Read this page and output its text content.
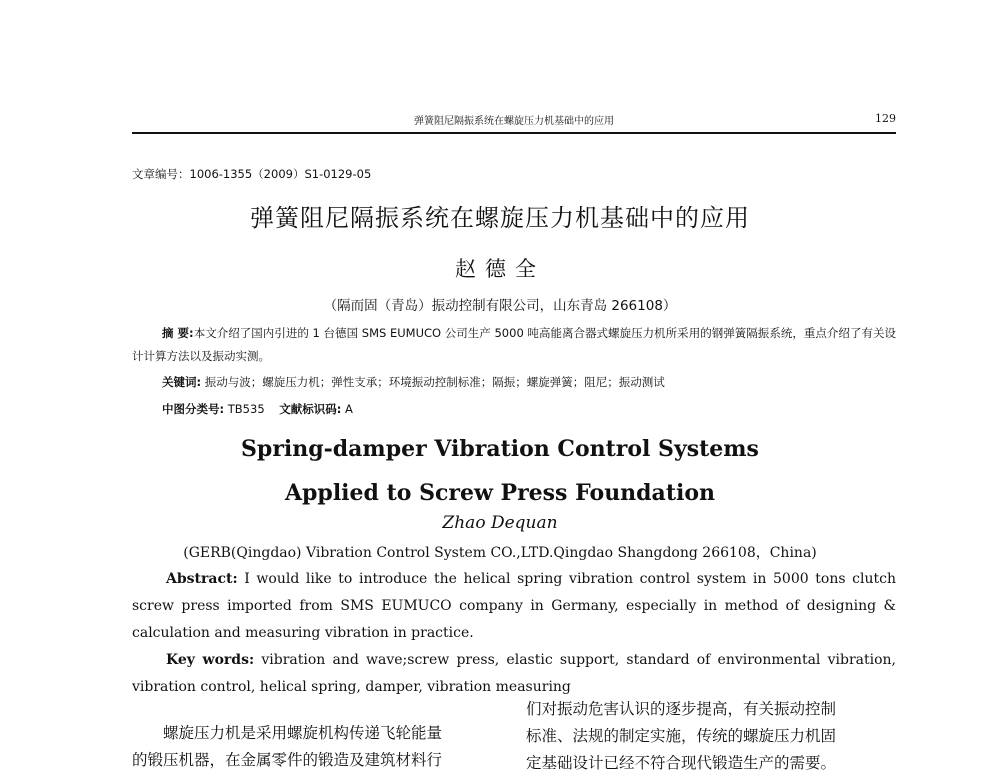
弹簧阻尼隔振系统在螺旋压力机基础中的应用	129
文章编号：1006-1355（2009）S1-0129-05
弹簧阻尼隔振系统在螺旋压力机基础中的应用
赵德全
（隔而固（青岛）振动控制有限公司，山东青岛 266108）
摘 要:本文介绍了国内引进的 1 台德国 SMS EUMUCO 公司生产 5000 吨高能离合器式螺旋压力机所采用的钢弹簧隔振系统，重点介绍了有关设计计算方法以及振动实测。
关键词: 振动与波；螺旋压力机；弹性支承；环境振动控制标准；隔振；螺旋弹簧；阻尼；振动测试
中图分类号: TB535 文献标识码: A
Spring-damper Vibration Control Systems
Applied to Screw Press Foundation
Zhao Dequan
(GERB(Qingdao) Vibration Control System CO.,LTD.Qingdao Shangdong 266108，China)
Abstract: I would like to introduce the helical spring vibration control system in 5000 tons clutch screw press imported from SMS EUMUCO company in Germany, especially in method of designing & calculation and measuring vibration in practice.
Key words: vibration and wave;screw press, elastic support, standard of environmental vibration, vibration control, helical spring, damper, vibration measuring
螺旋压力机是采用螺旋机构传递飞轮能量
的锻压机器，在金属零件的锻造及建筑材料行
们对振动危害认识的逐步提高，有关振动控制
标准、法规的制定实施，传统的螺旋压力机固
定基础设计已经不符合现代锻造生产的需要。
